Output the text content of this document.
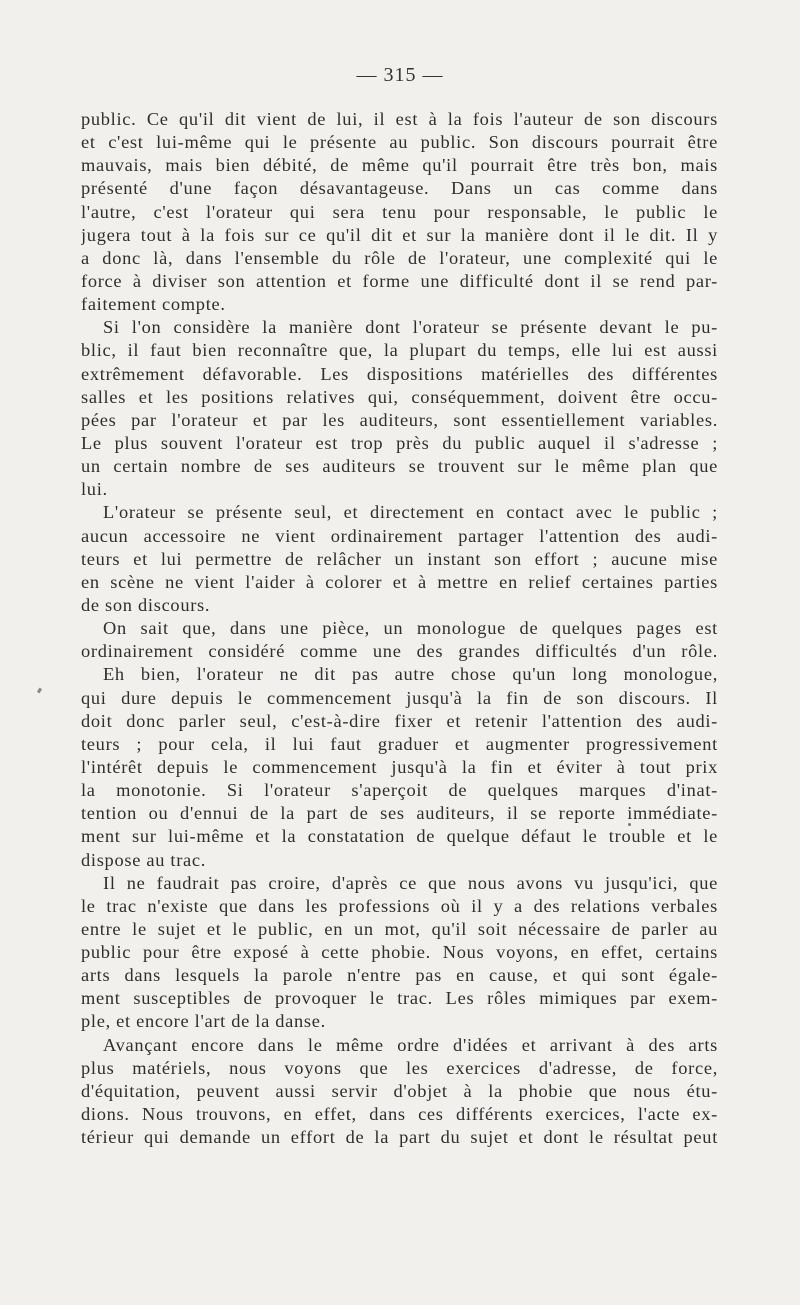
— 315 —
public. Ce qu'il dit vient de lui, il est à la fois l'auteur de son discours
et c'est lui-même qui le présente au public. Son discours pourrait être
mauvais, mais bien débité, de même qu'il pourrait être très bon, mais
présenté d'une façon désavantageuse. Dans un cas comme dans
l'autre, c'est l'orateur qui sera tenu pour responsable, le public le
jugera tout à la fois sur ce qu'il dit et sur la manière dont il le dit. Il y
a donc là, dans l'ensemble du rôle de l'orateur, une complexité qui le
force à diviser son attention et forme une difficulté dont il se rend par-
faitement compte.
Si l'on considère la manière dont l'orateur se présente devant le pu-
blic, il faut bien reconnaître que, la plupart du temps, elle lui est aussi
extrêmement défavorable. Les dispositions matérielles des différentes
salles et les positions relatives qui, conséquemment, doivent être occu-
pées par l'orateur et par les auditeurs, sont essentiellement variables.
Le plus souvent l'orateur est trop près du public auquel il s'adresse ;
un certain nombre de ses auditeurs se trouvent sur le même plan que
lui.
L'orateur se présente seul, et directement en contact avec le public ;
aucun accessoire ne vient ordinairement partager l'attention des audi-
teurs et lui permettre de relâcher un instant son effort ; aucune mise
en scène ne vient l'aider à colorer et à mettre en relief certaines parties
de son discours.
On sait que, dans une pièce, un monologue de quelques pages est
ordinairement considéré comme une des grandes difficultés d'un rôle.
Eh bien, l'orateur ne dit pas autre chose qu'un long monologue,
qui dure depuis le commencement jusqu'à la fin de son discours. Il
doit donc parler seul, c'est-à-dire fixer et retenir l'attention des audi-
teurs ; pour cela, il lui faut graduer et augmenter progressivement
l'intérêt depuis le commencement jusqu'à la fin et éviter à tout prix
la monotonie. Si l'orateur s'aperçoit de quelques marques d'inat-
tention ou d'ennui de la part de ses auditeurs, il se reporte immédiate-
ment sur lui-même et la constatation de quelque défaut le trouble et le
dispose au trac.
Il ne faudrait pas croire, d'après ce que nous avons vu jusqu'ici, que
le trac n'existe que dans les professions où il y a des relations verbales
entre le sujet et le public, en un mot, qu'il soit nécessaire de parler au
public pour être exposé à cette phobie. Nous voyons, en effet, certains
arts dans lesquels la parole n'entre pas en cause, et qui sont égale-
ment susceptibles de provoquer le trac. Les rôles mimiques par exem-
ple, et encore l'art de la danse.
Avançant encore dans le même ordre d'idées et arrivant à des arts
plus matériels, nous voyons que les exercices d'adresse, de force,
d'équitation, peuvent aussi servir d'objet à la phobie que nous étu-
dions. Nous trouvons, en effet, dans ces différents exercices, l'acte ex-
térieur qui demande un effort de la part du sujet et dont le résultat peut
